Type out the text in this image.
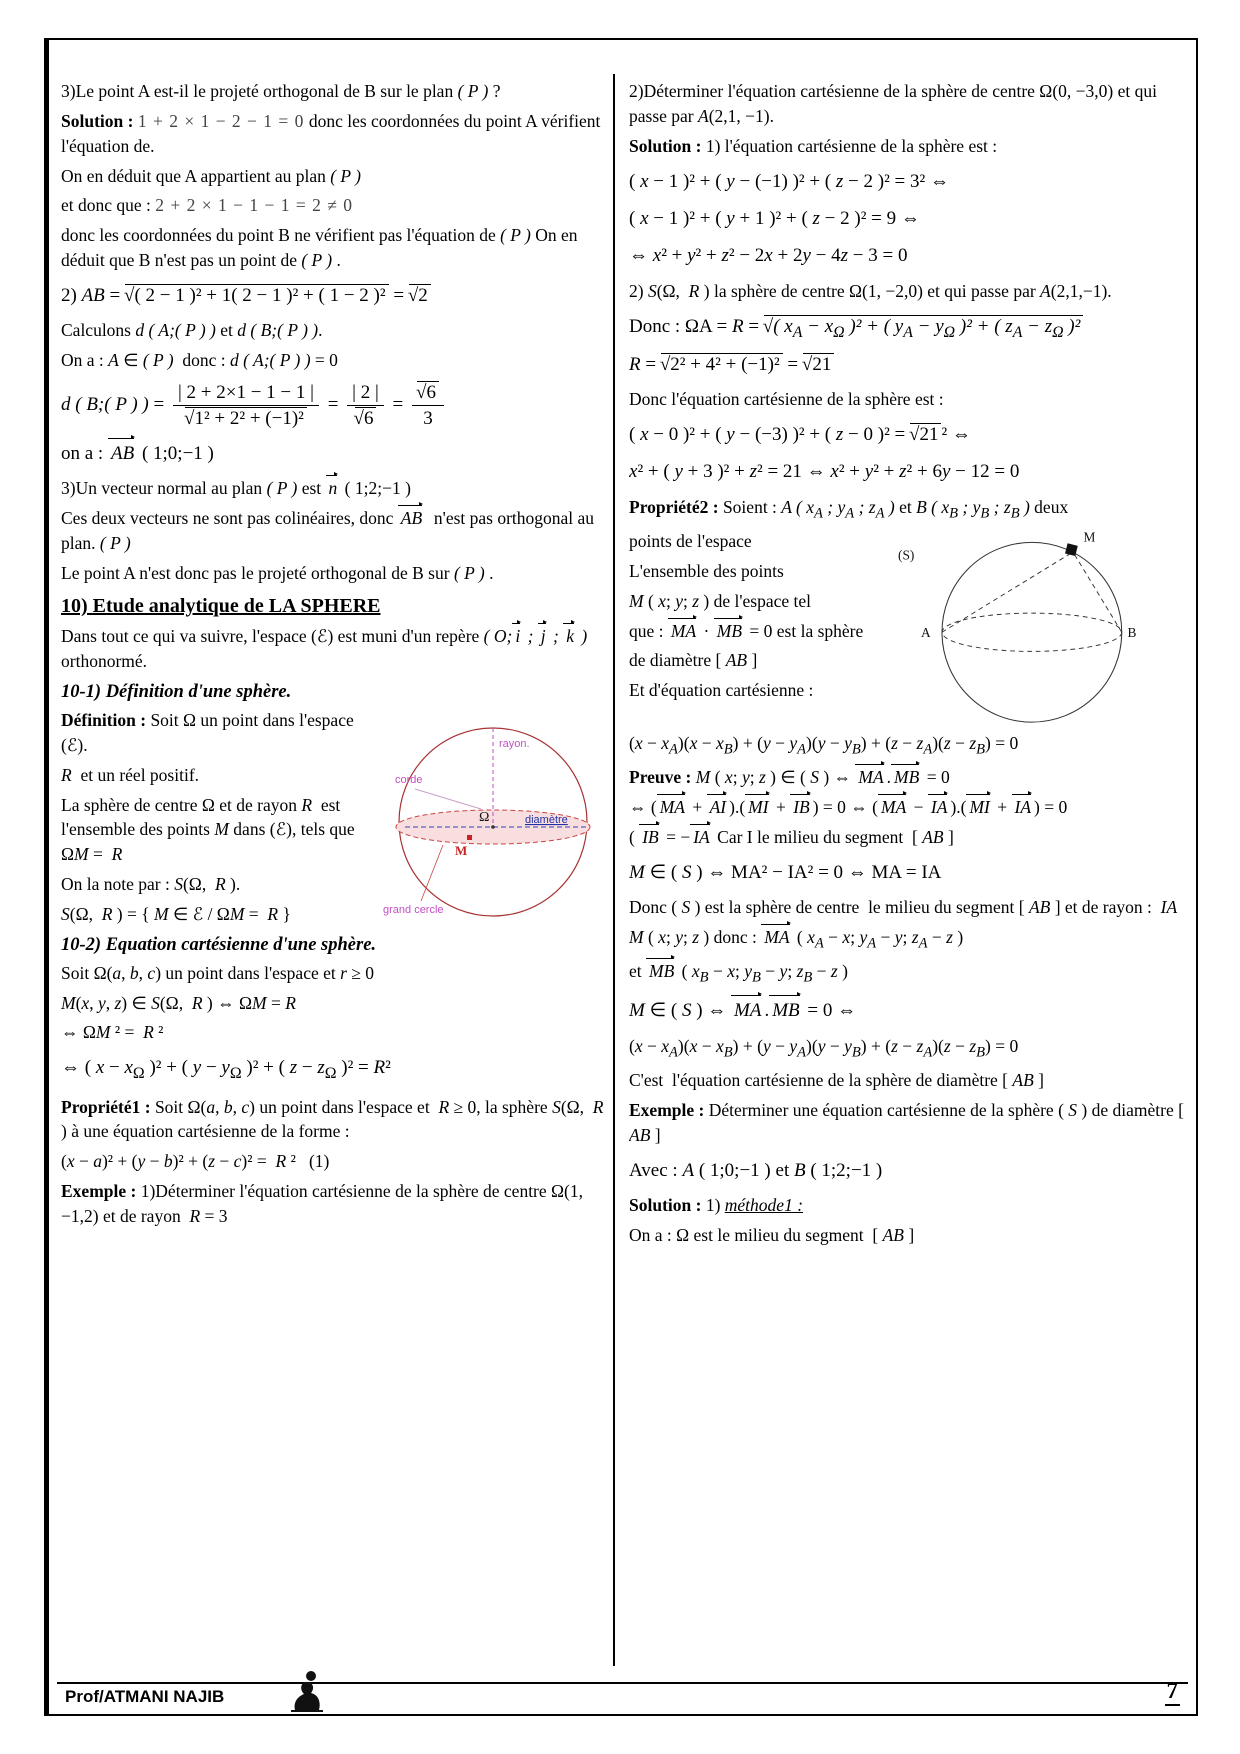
3)Le point A est-il le projeté orthogonal de B sur le plan ( P ) ?

Solution : 1 + 2 × 1 − 2 − 1 = 0 donc les coordonnées du point A vérifient l'équation de.

On en déduit que A appartient au plan ( P )

et donc que : 2 + 2 × 1 − 1 − 1 = 2 ≠ 0

donc les coordonnées du point B ne vérifient pas l'équation de ( P ) On en déduit que B n'est pas un point de ( P ) .

2) AB = √ ( 2 − 1 )² + 1( 2 − 1 )² + ( 1 − 2 )² = √ 2

Calculons d ( A;( P ) ) et d ( B;( P ) ).

On a : A ∈ ( P )  donc : d ( A;( P ) ) = 0

d ( B;( P ) ) = | 2 + 2×1 − 1 − 1 |
√ 1² + 2² + (−1)² = | 2 |
√ 6 = √ $\frac{6}{3}$

on a : AB ( 1;0;−1 )

3)Un vecteur normal au plan ( P ) est n ( 1;2;−1 )

Ces deux vecteurs ne sont pas colinéaires, donc AB  n'est pas orthogonal au plan. ( P )

Le point A n'est donc pas le projeté orthogonal de B sur ( P ) .

10) Etude analytique de LA SPHERE

Dans tout ce qui va suivre, l'espace (ℰ) est muni d'un repère ( O; i ; j ; k ) orthonormé.

10-1) Définition d'une sphère.

rayon.
corde
Ω	diamètre
M
grand cercle

Définition : Soit Ω un point dans l'espace (ℰ).

R  et un réel positif.

La sphère de centre Ω et de rayon R  est l'ensemble des points M dans (ℰ), tels que ΩM =  R

On la note par : S(Ω,  R ).

S(Ω,  R ) = { M ∈ ℰ / ΩM =  R }

10-2) Equation cartésienne d'une sphère.

Soit Ω(a, b, c) un point dans l'espace et r ≥ 0

M(x, y, z) ∈ S(Ω,  R ) ⇔ ΩM = R

⇔ ΩM ² =  R ²

⇔ ( $x - x_\Omega$ )² + ( $y - y_\Omega$ )² + ( $z - z_\Omega$ )² = R²

Propriété1 : Soit Ω(a, b, c) un point dans l'espace et  R ≥ 0, la sphère S(Ω,  R ) à une équation cartésienne de la forme :

(x − a)² + (y − b)² + (z − c)² =  R ²   (1)

Exemple : 1)Déterminer l'équation cartésienne de la sphère de centre Ω(1, −1,2) et de rayon  R = 3

2)Déterminer l'équation cartésienne de la sphère de centre Ω(0, −3,0) et qui passe par A(2,1, −1).

Solution : 1) l'équation cartésienne de la sphère est :

( x − 1 )² + ( y − (−1) )² + ( z − 2 )² = 3² ⇔

( x − 1 )² + ( y + 1 )² + ( z − 2 )² = 9 ⇔

⇔ x² + y² + z² − 2x + 2y − 4z − 3 = 0

2) S(Ω,  R ) la sphère de centre Ω(1, −2,0) et qui passe par A(2,1,−1).

Donc : ΩA = R = √ ( $x_A - x_\Omega$ )² + ( $y_A - y_\Omega$ )² + ( $z_A - z_\Omega$ )²

R = √ 2² + 4² + (−1)² = √ 21

Donc l'équation cartésienne de la sphère est :

( x − 0 )² + ( y − (−3) )² + ( z − 0 )² = √ 21 ² ⇔

x² + ( y + 3 )² + z² = 21 ⇔ x² + y² + z² + 6y − 12 = 0

Propriété2 : Soient : A ( $x_A$ ; $y_A$ ; $z_A$ ) et B ( $x_B$ ; $y_B$ ; $z_B$ ) deux

(S)
M
A	B

points de l'espace

L'ensemble des points

M ( x; y; z ) de l'espace tel

que : MA · MB = 0 est la sphère

de diamètre [ AB ]

Et d'équation cartésienne :

$(x - x_A)(x - x_B) + (y - y_A)(y - y_B) + (z - z_A)(z - z_B) = 0$

Preuve : M ( x; y; z ) ∈ ( S ) ⇔ MA . MB = 0

⇔ ( MA + AI ).( MI + IB ) = 0 ⇔ ( MA − IA ).( MI + IA ) = 0

( IB = − IA Car I le milieu du segment  [ AB ]

M ∈ ( S ) ⇔ MA² − IA² = 0 ⇔ MA = IA

Donc ( S ) est la sphère de centre  le milieu du segment [ AB ] et de rayon :  IA

M ( x; y; z ) donc : MA ( $x_A - x$; $y_A - y$; $z_A - z$ )

et MB ( $x_B - x$; $y_B - y$; $z_B - z$ )

M ∈ ( S ) ⇔ MA . MB = 0 ⇔

$(x - x_A)(x - x_B) + (y - y_A)(y - y_B) + (z - z_A)(z - z_B) = 0$

C'est  l'équation cartésienne de la sphère de diamètre [ AB ]

Exemple : Déterminer une équation cartésienne de la sphère ( S ) de diamètre [ AB ]

Avec : A ( 1;0;−1 ) et B ( 1;2;−1 )

Solution : 1) méthode1 :

On a : Ω est le milieu du segment  [ AB ]

Prof/ATMANI NAJIB	7
